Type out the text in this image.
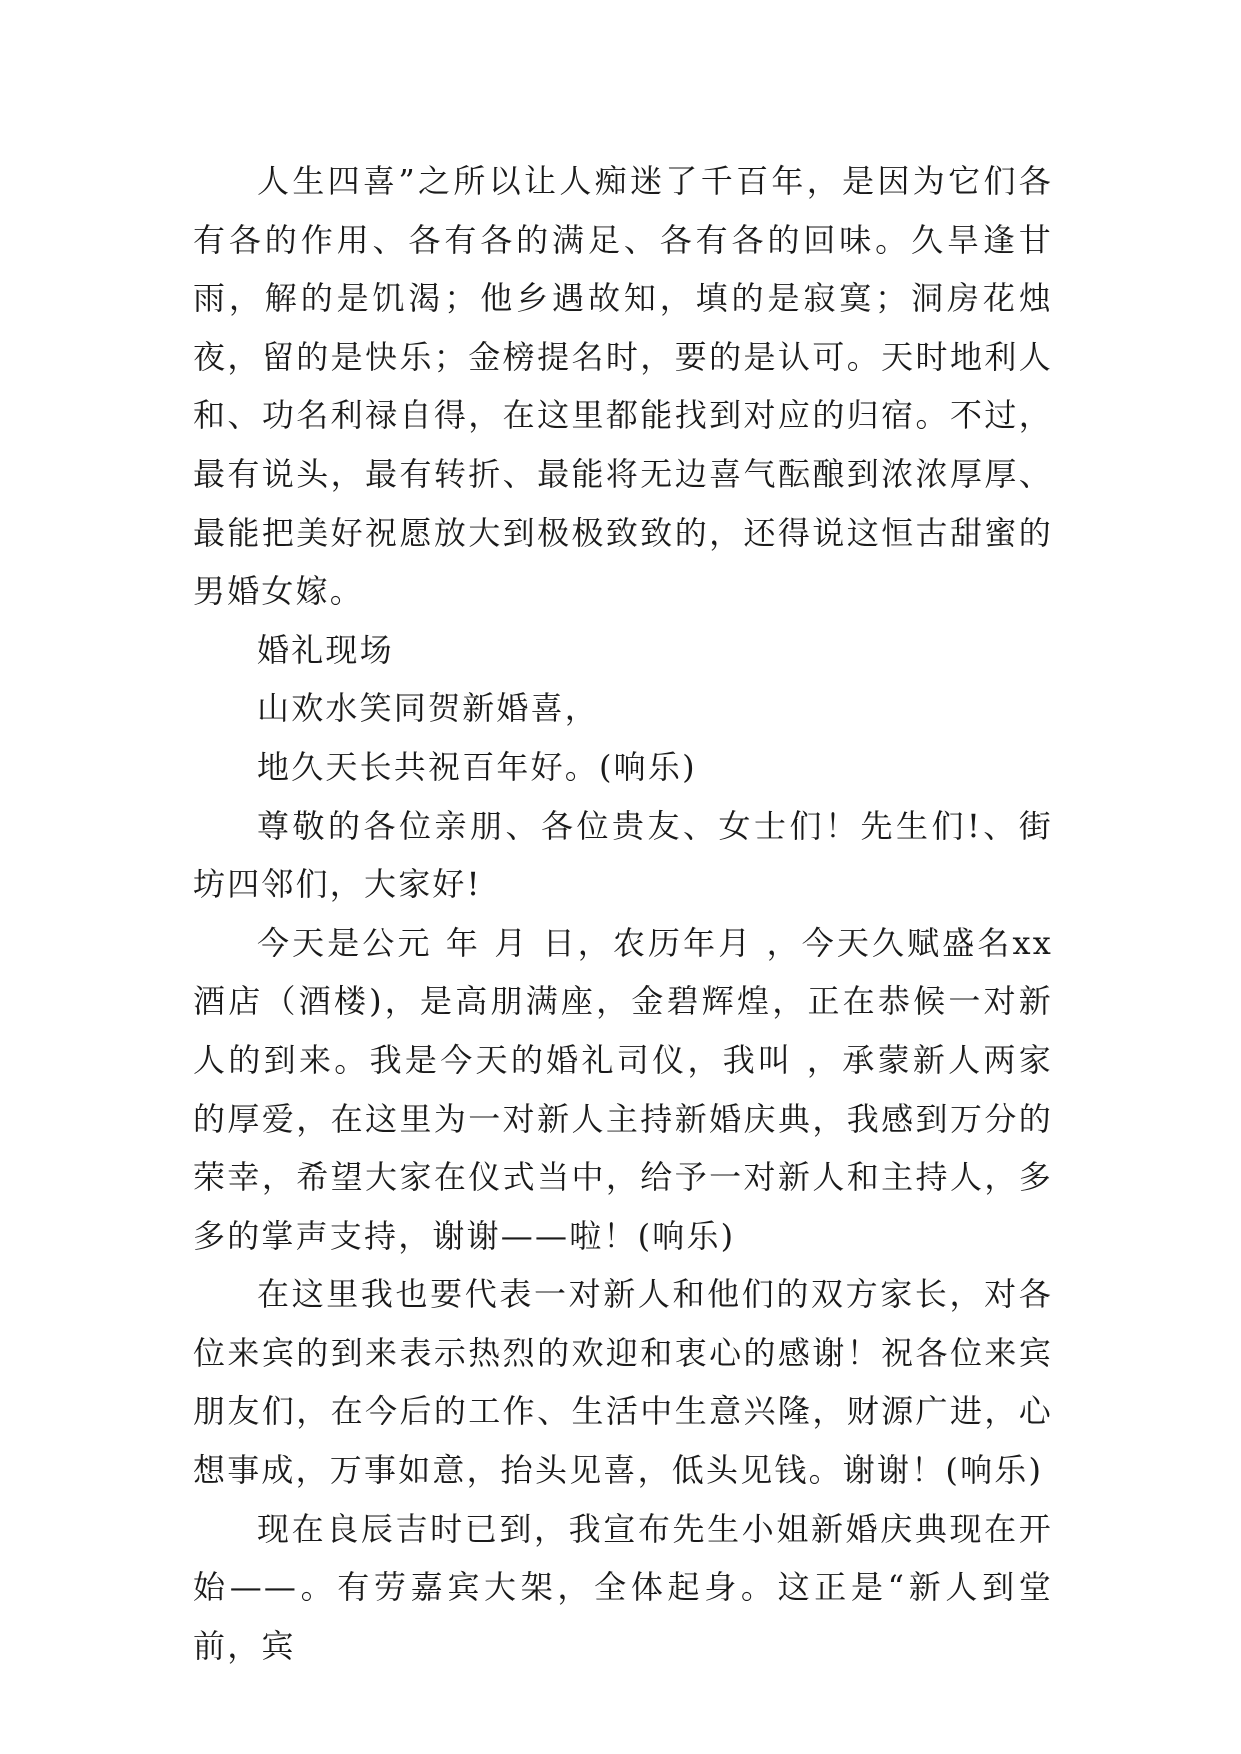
人生四喜”之所以让人痴迷了千百年，是因为它们各有各的作用、各有各的满足、各有各的回味。久旱逢甘雨，解的是饥渴；他乡遇故知，填的是寂寞；洞房花烛夜，留的是快乐；金榜提名时，要的是认可。天时地利人和、功名利禄自得，在这里都能找到对应的归宿。不过，最有说头，最有转折、最能将无边喜气酝酿到浓浓厚厚、最能把美好祝愿放大到极极致致的，还得说这恒古甜蜜的男婚女嫁。

婚礼现场

山欢水笑同贺新婚喜，

地久天长共祝百年好。(响乐)

尊敬的各位亲朋、各位贵友、女士们！先生们!、街坊四邻们，大家好!

今天是公元 年 月 日，农历年月 ，今天久赋盛名xx酒店（酒楼)，是高朋满座，金碧辉煌，正在恭候一对新人的到来。我是今天的婚礼司仪，我叫 ，承蒙新人两家的厚爱，在这里为一对新人主持新婚庆典，我感到万分的荣幸，希望大家在仪式当中，给予一对新人和主持人，多多的掌声支持，谢谢——啦！(响乐)

在这里我也要代表一对新人和他们的双方家长，对各位来宾的到来表示热烈的欢迎和衷心的感谢！祝各位来宾朋友们，在今后的工作、生活中生意兴隆，财源广进，心想事成，万事如意，抬头见喜，低头见钱。谢谢！(响乐)

现在良辰吉时已到，我宣布先生小姐新婚庆典现在开始——。有劳嘉宾大架，全体起身。这正是“新人到堂前，宾
